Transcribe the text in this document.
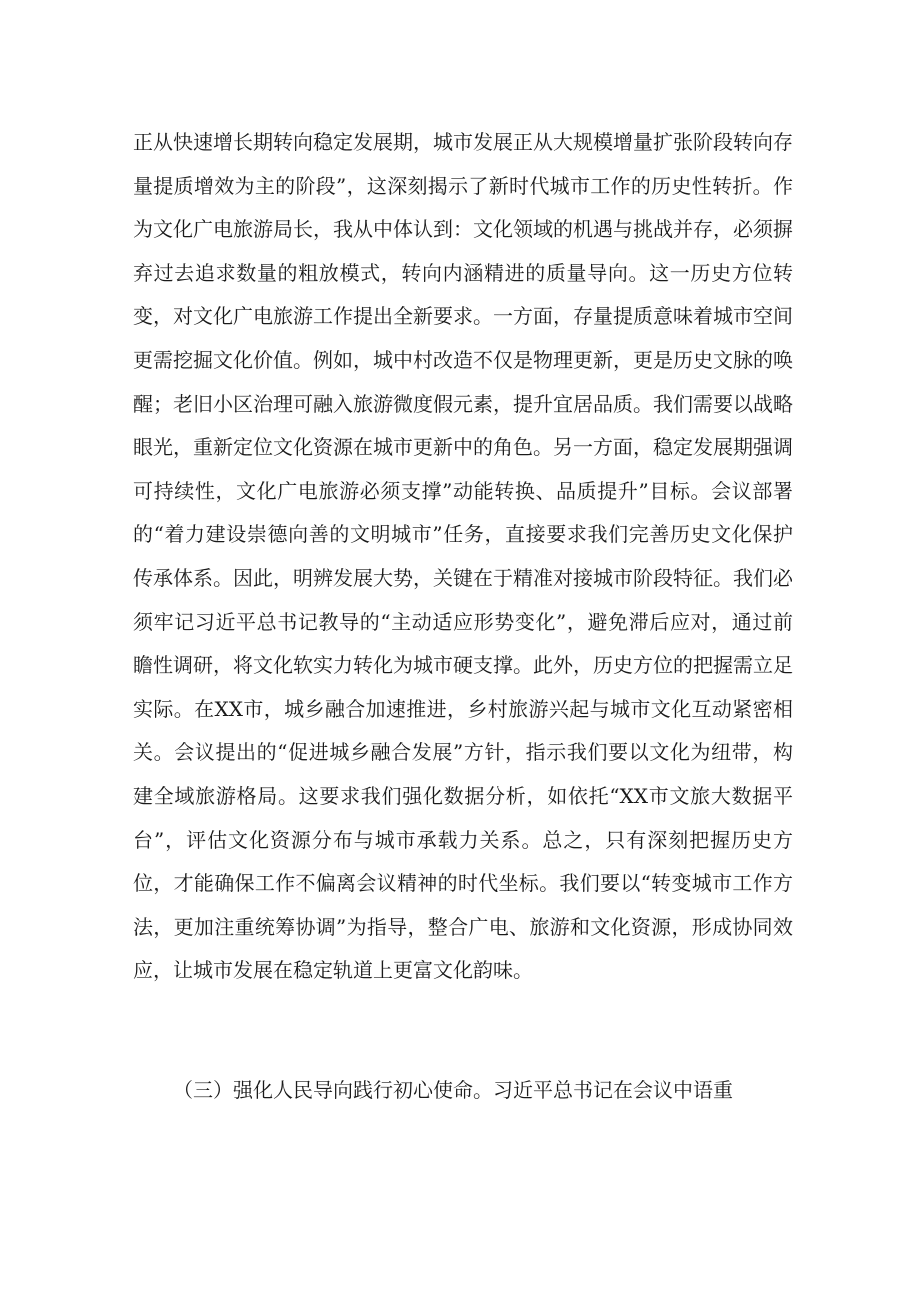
正从快速增长期转向稳定发展期，城市发展正从大规模增量扩张阶段转向存量提质增效为主的阶段”，这深刻揭示了新时代城市工作的历史性转折。作为文化广电旅游局长，我从中体认到：文化领域的机遇与挑战并存，必须摒弃过去追求数量的粗放模式，转向内涵精进的质量导向。这一历史方位转变，对文化广电旅游工作提出全新要求。一方面，存量提质意味着城市空间更需挖掘文化价值。例如，城中村改造不仅是物理更新，更是历史文脉的唤醒；老旧小区治理可融入旅游微度假元素，提升宜居品质。我们需要以战略眼光，重新定位文化资源在城市更新中的角色。另一方面，稳定发展期强调可持续性，文化广电旅游必须支撑”动能转换、品质提升”目标。会议部署的“着力建设崇德向善的文明城市”任务，直接要求我们完善历史文化保护传承体系。因此，明辨发展大势，关键在于精准对接城市阶段特征。我们必须牢记习近平总书记教导的“主动适应形势变化”，避免滞后应对，通过前瞻性调研，将文化软实力转化为城市硬支撑。此外，历史方位的把握需立足实际。在XX市，城乡融合加速推进，乡村旅游兴起与城市文化互动紧密相关。会议提出的“促进城乡融合发展”方针，指示我们要以文化为纽带，构建全域旅游格局。这要求我们强化数据分析，如依托“XX市文旅大数据平台”，评估文化资源分布与城市承载力关系。总之，只有深刻把握历史方位，才能确保工作不偏离会议精神的时代坐标。我们要以“转变城市工作方法，更加注重统筹协调”为指导，整合广电、旅游和文化资源，形成协同效应，让城市发展在稳定轨道上更富文化韵味。

（三）强化人民导向践行初心使命。习近平总书记在会议中语重
